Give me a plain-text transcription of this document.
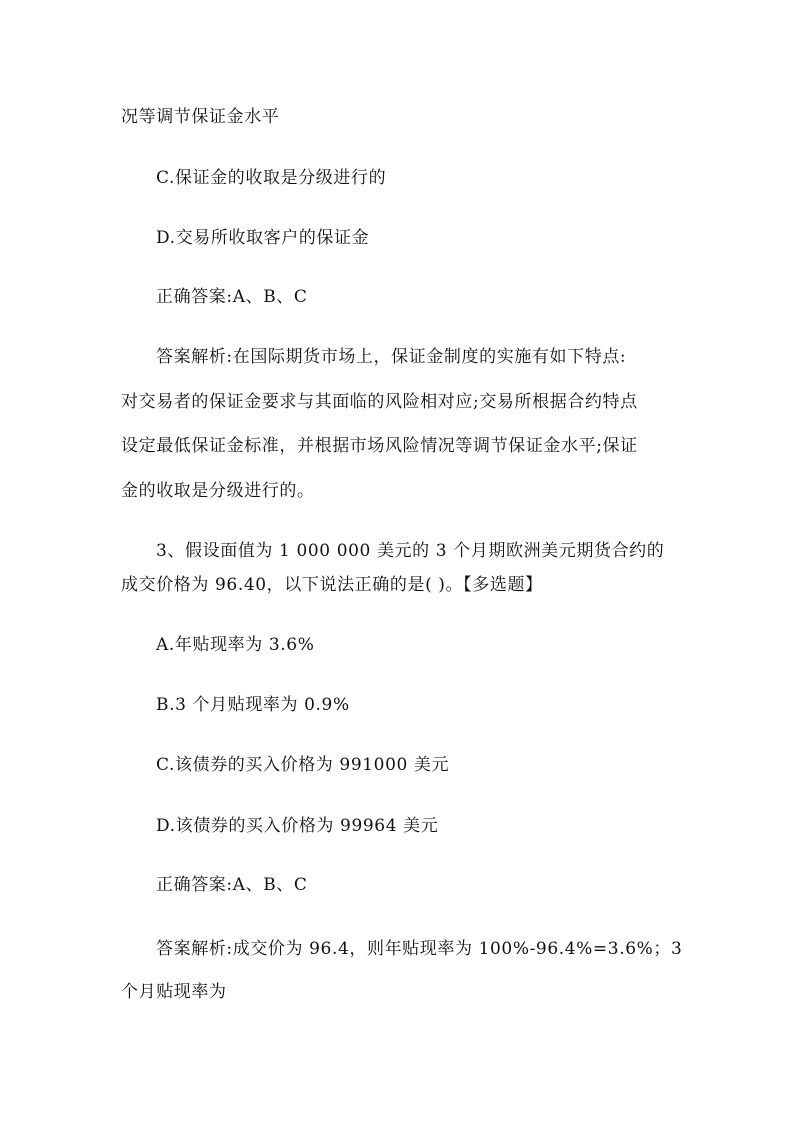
况等调节保证金水平
C.保证金的收取是分级进行的
D.交易所收取客户的保证金
正确答案:A、B、C
答案解析:在国际期货市场上，保证金制度的实施有如下特点:
对交易者的保证金要求与其面临的风险相对应;交易所根据合约特点
设定最低保证金标准，并根据市场风险情况等调节保证金水平;保证
金的收取是分级进行的。
3、假设面值为 1 000 000 美元的 3 个月期欧洲美元期货合约的
成交价格为 96.40，以下说法正确的是( )。【多选题】
A.年贴现率为 3.6%
B.3 个月贴现率为 0.9%
C.该债券的买入价格为 991000 美元
D.该债券的买入价格为 99964 美元
正确答案:A、B、C
答案解析:成交价为 96.4，则年贴现率为 100%-96.4%=3.6%；3
个月贴现率为
